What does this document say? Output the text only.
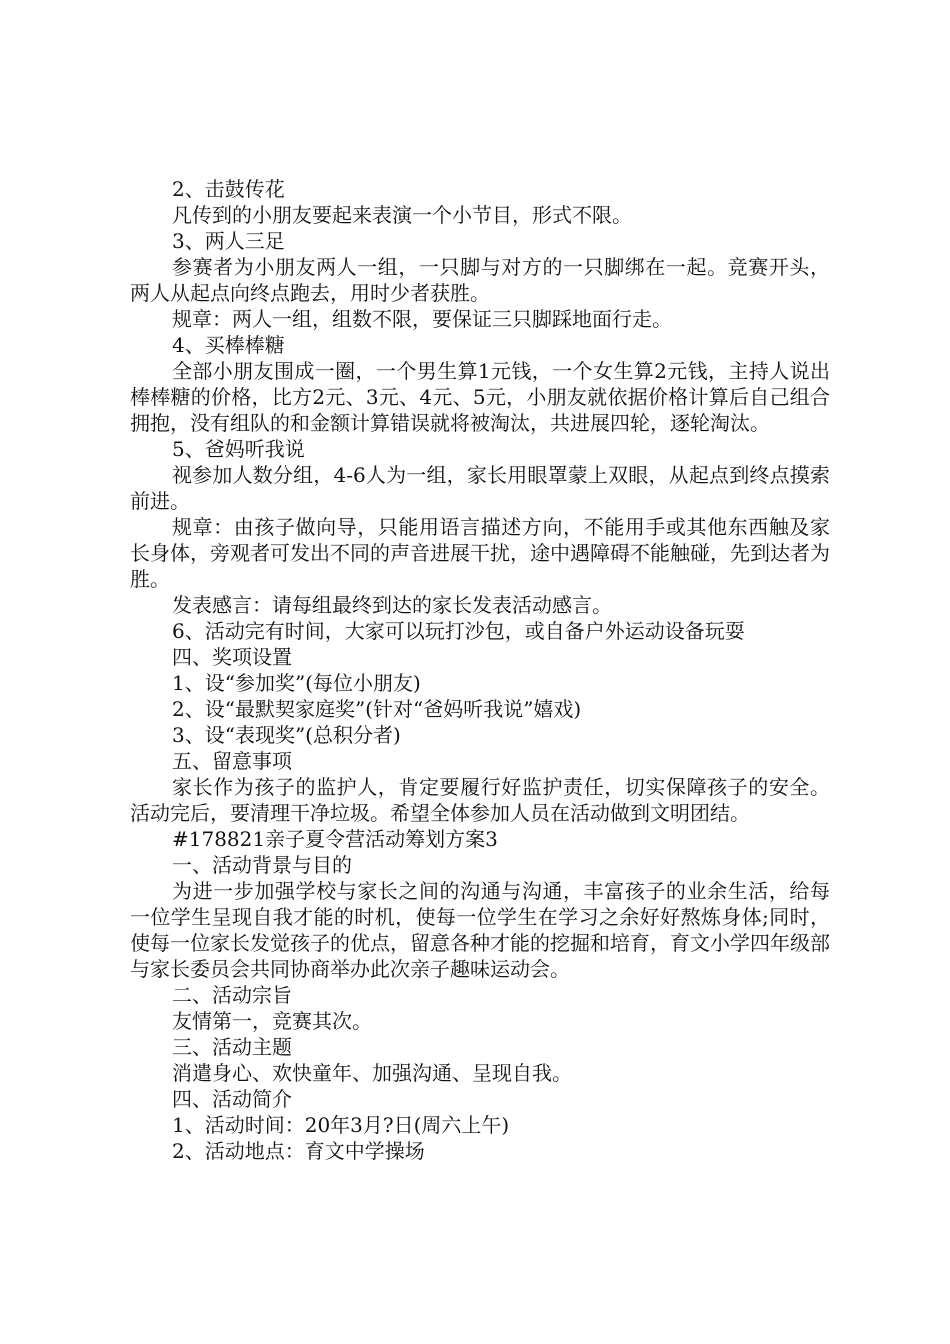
2、击鼓传花

凡传到的小朋友要起来表演一个小节目，形式不限。

3、两人三足

参赛者为小朋友两人一组，一只脚与对方的一只脚绑在一起。竞赛开头，两人从起点向终点跑去，用时少者获胜。

规章：两人一组，组数不限，要保证三只脚踩地面行走。

4、买棒棒糖

全部小朋友围成一圈，一个男生算1元钱，一个女生算2元钱，主持人说出棒棒糖的价格，比方2元、3元、4元、5元，小朋友就依据价格计算后自己组合拥抱，没有组队的和金额计算错误就将被淘汰，共进展四轮，逐轮淘汰。

5、爸妈听我说

视参加人数分组，4-6人为一组，家长用眼罩蒙上双眼，从起点到终点摸索前进。

规章：由孩子做向导，只能用语言描述方向，不能用手或其他东西触及家长身体，旁观者可发出不同的声音进展干扰，途中遇障碍不能触碰，先到达者为胜。

发表感言：请每组最终到达的家长发表活动感言。

6、活动完有时间，大家可以玩打沙包，或自备户外运动设备玩耍

四、奖项设置

1、设“参加奖”(每位小朋友)

2、设“最默契家庭奖”(针对“爸妈听我说”嬉戏)

3、设“表现奖”(总积分者)

五、留意事项

家长作为孩子的监护人，肯定要履行好监护责任，切实保障孩子的安全。活动完后，要清理干净垃圾。希望全体参加人员在活动做到文明团结。

#178821亲子夏令营活动筹划方案3

一、活动背景与目的

为进一步加强学校与家长之间的沟通与沟通，丰富孩子的业余生活，给每一位学生呈现自我才能的时机，使每一位学生在学习之余好好熬炼身体;同时，使每一位家长发觉孩子的优点，留意各种才能的挖掘和培育，育文小学四年级部与家长委员会共同协商举办此次亲子趣味运动会。

二、活动宗旨

友情第一，竞赛其次。

三、活动主题

消遣身心、欢快童年、加强沟通、呈现自我。

四、活动简介

1、活动时间：20年3月?日(周六上午)

2、活动地点：育文中学操场
